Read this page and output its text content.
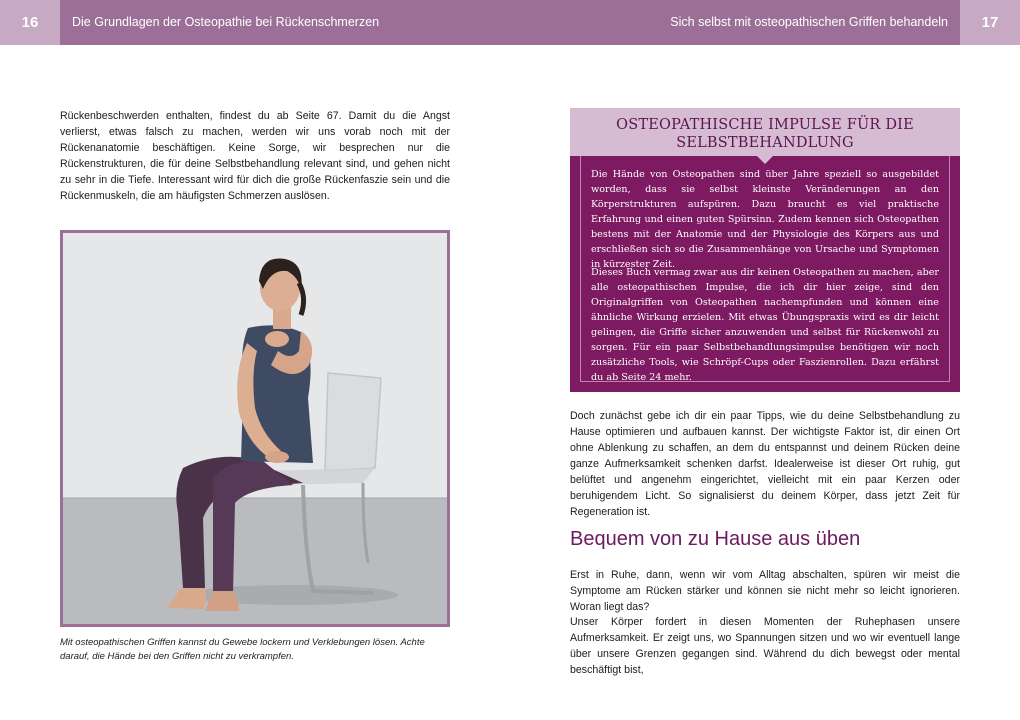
16	Die Grundlagen der Osteopathie bei Rückenschmerzen	Sich selbst mit osteopathischen Griffen behandeln	17

Rückenbeschwerden enthalten, findest du ab Seite 67. Damit du die Angst verlierst, etwas falsch zu machen, werden wir uns vorab noch mit der Rückenanatomie beschäftigen. Keine Sorge, wir besprechen nur die Rückenstrukturen, die für deine Selbstbehandlung relevant sind, und gehen nicht zu sehr in die Tiefe. Interessant wird für dich die große Rückenfaszie sein und die Rückenmuskeln, die am häufigsten Schmerzen auslösen.

Mit osteopathischen Griffen kannst du Gewebe lockern und Verklebungen lösen. Achte darauf, die Hände bei den Griffen nicht zu verkrampfen.
OSTEOPATHISCHE IMPULSE FÜR DIE
SELBSTBEHANDLUNG

Die Hände von Osteopathen sind über Jahre speziell so ausgebildet worden, dass sie selbst kleinste Veränderungen an den Körperstrukturen aufspüren. Dazu braucht es viel praktische Erfahrung und einen guten Spürsinn. Zudem kennen sich Osteopathen bestens mit der Anatomie und der Physiologie des Körpers aus und erschließen sich so die Zusammenhänge von Ursache und Symptomen in kürzester Zeit.

Dieses Buch vermag zwar aus dir keinen Osteopathen zu machen, aber alle osteopathischen Impulse, die ich dir hier zeige, sind den Originalgriffen von Osteopathen nachempfunden und können eine ähnliche Wirkung erzielen. Mit etwas Übungspraxis wird es dir leicht gelingen, die Griffe sicher anzuwenden und selbst für Rückenwohl zu sorgen. Für ein paar Selbstbehandlungsimpulse benötigen wir noch zusätzliche Tools, wie Schröpf-Cups oder Faszienrollen. Dazu erfährst du ab Seite 24 mehr.

Doch zunächst gebe ich dir ein paar Tipps, wie du deine Selbstbehandlung zu Hause optimieren und aufbauen kannst. Der wichtigste Faktor ist, dir einen Ort ohne Ablenkung zu schaffen, an dem du entspannst und deinem Rücken deine ganze Aufmerksamkeit schenken darfst. Idealerweise ist dieser Ort ruhig, gut belüftet und angenehm eingerichtet, vielleicht mit ein paar Kerzen oder beruhigendem Licht. So signalisierst du deinem Körper, dass jetzt Zeit für Regeneration ist.

Bequem von zu Hause aus üben

Erst in Ruhe, dann, wenn wir vom Alltag abschalten, spüren wir meist die Symptome am Rücken stärker und können sie nicht mehr so leicht ignorieren. Woran liegt das?

Unser Körper fordert in diesen Momenten der Ruhephasen unsere Aufmerksamkeit. Er zeigt uns, wo Spannungen sitzen und wo wir eventuell lange über unsere Grenzen gegangen sind. Während du dich bewegst oder mental beschäftigt bist,
